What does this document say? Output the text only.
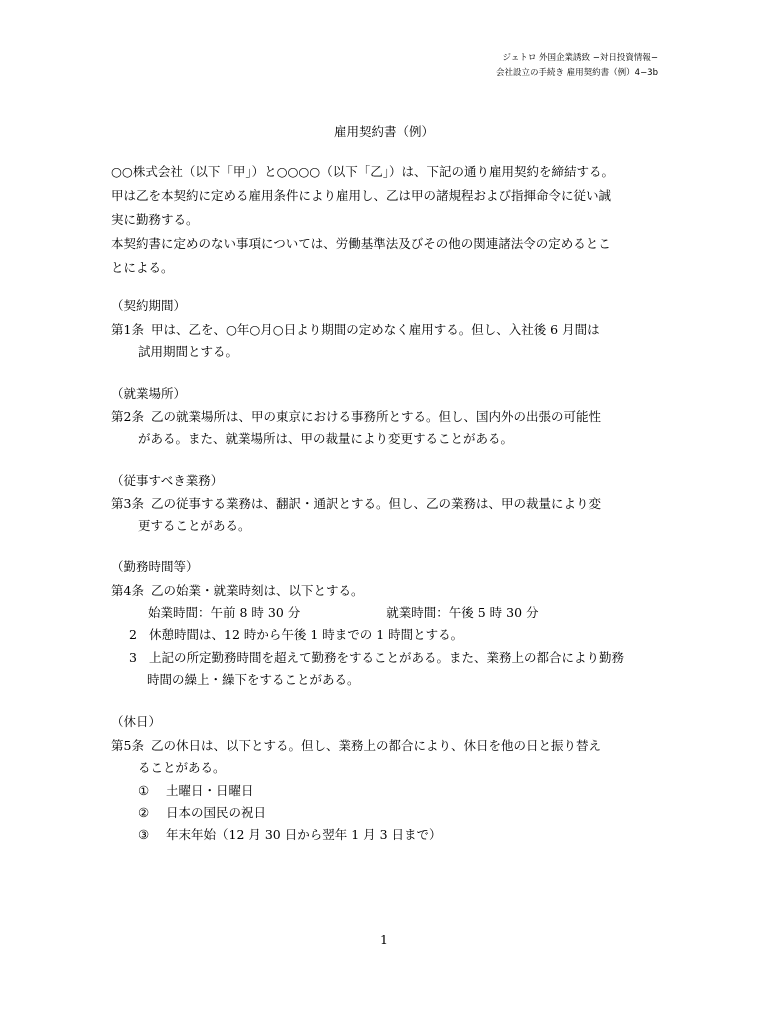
ジェトロ 外国企業誘致 −対日投資情報−
会社設立の手続き 雇用契約書（例）4−3b
雇用契約書（例）
○○株式会社（以下「甲」）と○○○○（以下「乙」）は、下記の通り雇用契約を締結する。
甲は乙を本契約に定める雇用条件により雇用し、乙は甲の諸規程および指揮命令に従い誠
実に勤務する。
本契約書に定めのない事項については、労働基準法及びその他の関連諸法令の定めるとこ
とによる。
（契約期間）
第1条 甲は、乙を、○年○月○日より期間の定めなく雇用する。但し、入社後 6 月間は
試用期間とする。
（就業場所）
第2条 乙の就業場所は、甲の東京における事務所とする。但し、国内外の出張の可能性
がある。また、就業場所は、甲の裁量により変更することがある。
（従事すべき業務）
第3条 乙の従事する業務は、翻訳・通訳とする。但し、乙の業務は、甲の裁量により変
更することがある。
（勤務時間等）
第4条 乙の始業・就業時刻は、以下とする。
始業時間：午前 8 時 30 分	就業時間：午後 5 時 30 分
2 休憩時間は、12 時から午後 1 時までの 1 時間とする。
3 上記の所定勤務時間を超えて勤務をすることがある。また、業務上の都合により勤務
時間の繰上・繰下をすることがある。
（休日）
第5条 乙の休日は、以下とする。但し、業務上の都合により、休日を他の日と振り替え
ることがある。
① 土曜日・日曜日
② 日本の国民の祝日
③ 年末年始（12 月 30 日から翌年 1 月 3 日まで）
1
